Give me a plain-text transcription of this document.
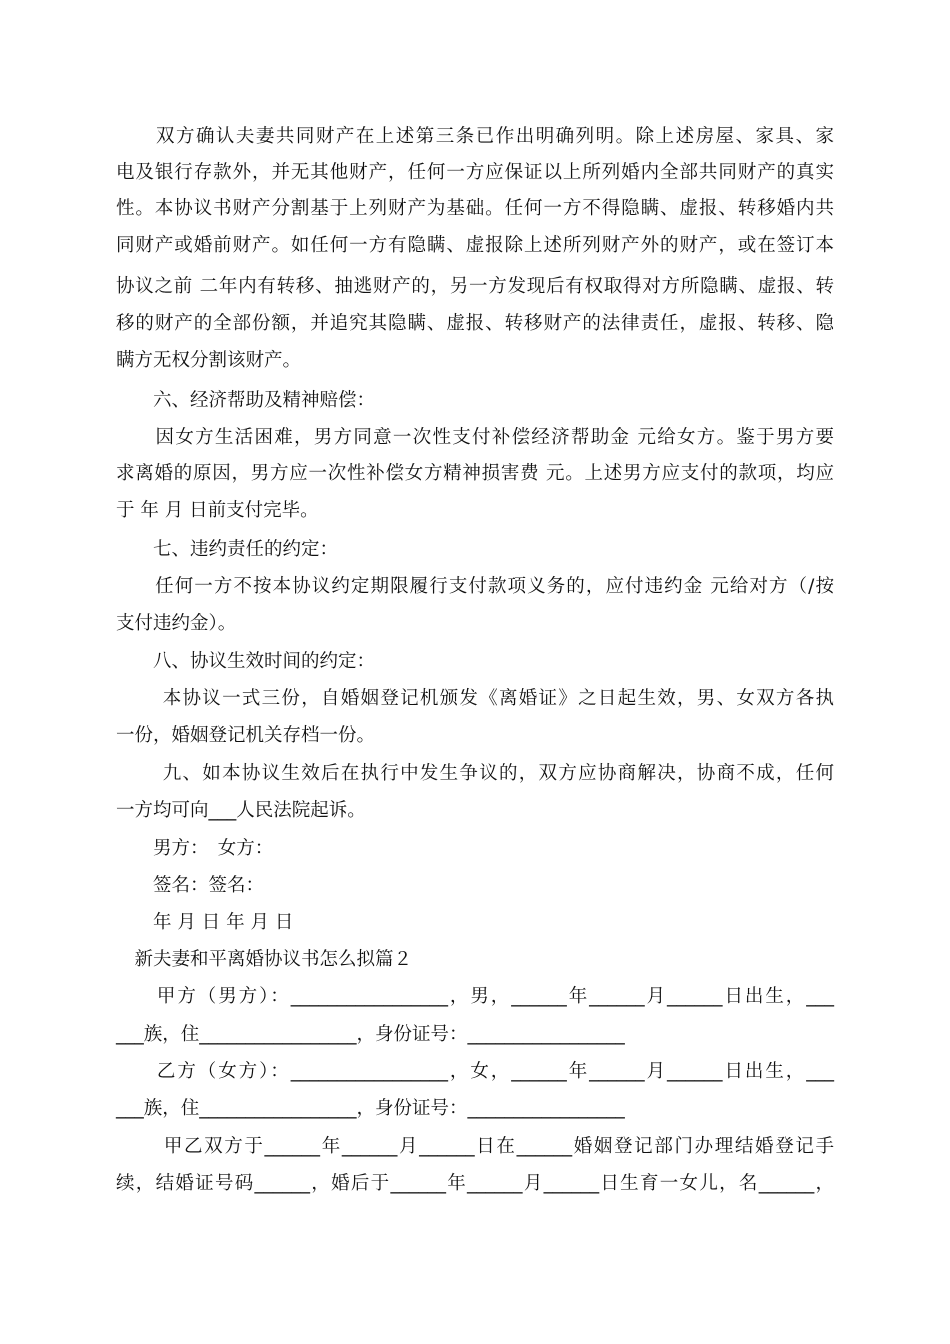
　　双方确认夫妻共同财产在上述第三条已作出明确列明。除上述房屋、家具、家
电及银行存款外，并无其他财产，任何一方应保证以上所列婚内全部共同财产的真实
性。本协议书财产分割基于上列财产为基础。任何一方不得隐瞒、虚报、转移婚内共
同财产或婚前财产。如任何一方有隐瞒、虚报除上述所列财产外的财产，或在签订本
协议之前 二年内有转移、抽逃财产的，另一方发现后有权取得对方所隐瞒、虚报、转
移的财产的全部份额，并追究其隐瞒、虚报、转移财产的法律责任，虚报、转移、隐
瞒方无权分割该财产。
　　六、经济帮助及精神赔偿：
　　因女方生活困难，男方同意一次性支付补偿经济帮助金 元给女方。鉴于男方要
求离婚的原因，男方应一次性补偿女方精神损害费 元。上述男方应支付的款项，均应
于 年 月 日前支付完毕。
　　七、违约责任的约定：
　　任何一方不按本协议约定期限履行支付款项义务的，应付违约金 元给对方（/按
支付违约金）。
　　八、协议生效时间的约定：
　　 本协议一式三份，自婚姻登记机颁发《离婚证》之日起生效，男、女双方各执
一份，婚姻登记机关存档一份。
　　 九、如本协议生效后在执行中发生争议的，双方应协商解决，协商不成，任何
一方均可向___人民法院起诉。
　　男方：　女方：
　　签名：签名：
　　年 月 日 年 月 日
　新夫妻和平离婚协议书怎么拟篇２
　　甲方（男方）：_________________，男，______年______月______日出生，___
___族，住_________________，身份证号：_________________
　　乙方（女方）：_________________，女，______年______月______日出生，___
___族，住_________________，身份证号：_________________
　　 甲乙双方于______年______月______日在______婚姻登记部门办理结婚登记手
续，结婚证号码______，婚后于______年______月______日生育一女儿，名______，
